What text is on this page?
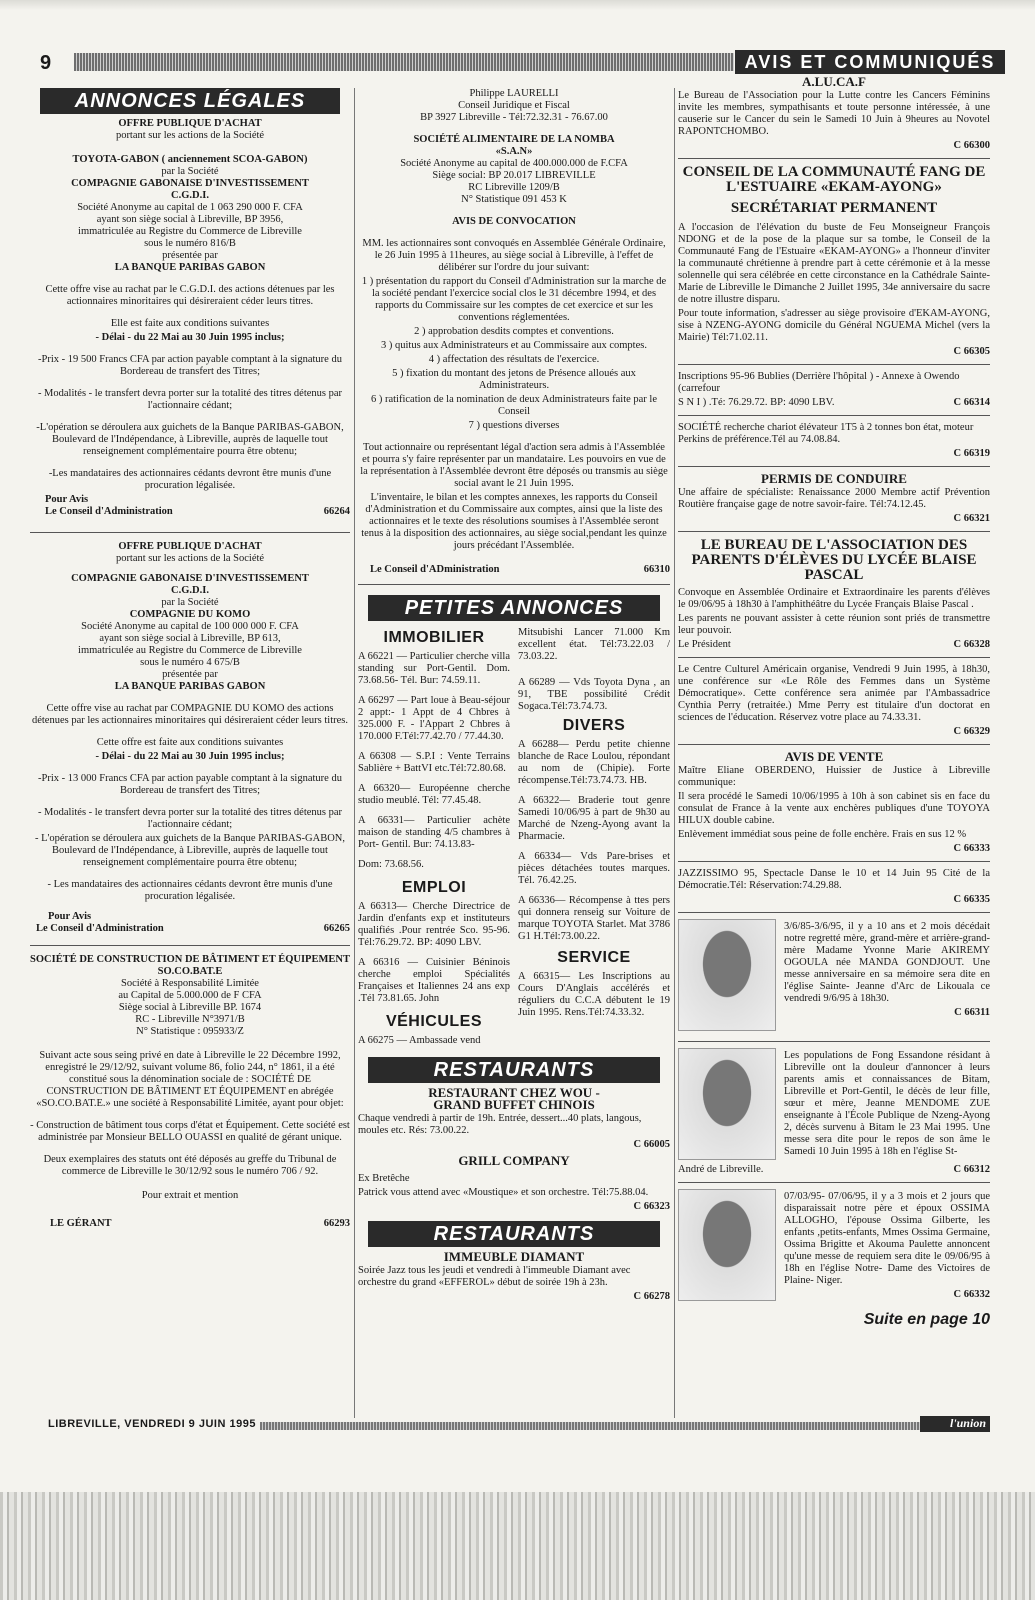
9	AVIS ET COMMUNIQUÉS
ANNONCES LÉGALES
OFFRE PUBLIQUE D'ACHAT
portant sur les actions de la Société
TOYOTA-GABON ( anciennement SCOA-GABON)
par la Société
COMPAGNIE GABONAISE D'INVESTISSEMENT
C.G.D.I.
Société Anonyme au capital de 1 063 290 000 F. CFA
ayant son siège social à Libreville, BP 3956,
immatriculée au Registre du Commerce de Libreville
sous le numéro 816/B
présentée par
LA BANQUE PARIBAS GABON

Cette offre vise au rachat par le C.G.D.I. des actions détenues par les actionnaires minoritaires qui désireraient céder leurs titres.

Elle est faite aux conditions suivantes

- Délai - du 22 Mai au 30 Juin 1995 inclus;

-Prix - 19 500 Francs CFA par action payable comptant à la signature du Bordereau de transfert des Titres;

- Modalités - le transfert devra porter sur la totalité des titres détenus par l'actionnaire cédant;

-L'opération se déroulera aux guichets de la Banque PARIBAS-GABON, Boulevard de l'Indépendance, à Libreville, auprès de laquelle tout renseignement complémentaire pourra être obtenu;

-Les mandataires des actionnaires cédants devront être munis d'une procuration légalisée.

Pour Avis
Le Conseil d'Administration	66264
OFFRE PUBLIQUE D'ACHAT
portant sur les actions de la Société
COMPAGNIE GABONAISE D'INVESTISSEMENT
C.G.D.I.
par la Société
COMPAGNIE DU KOMO
Société Anonyme au capital de 100 000 000 F. CFA
ayant son siège social à Libreville, BP 613,
immatriculée au Registre du Commerce de Libreville
sous le numéro 4 675/B
présentée par
LA BANQUE PARIBAS GABON

Cette offre vise au rachat par COMPAGNIE DU KOMO des actions détenues par les actionnaires minoritaires qui désireraient céder leurs titres.

Cette offre est faite aux conditions suivantes

- Délai - du 22 Mai au 30 Juin 1995 inclus;

-Prix - 13 000 Francs CFA par action payable comptant à la signature du Bordereau de transfert des Titres;

- Modalités - le transfert devra porter sur la totalité des titres détenus par l'actionnaire cédant;

- L'opération se déroulera aux guichets de la Banque PARIBAS-GABON, Boulevard de l'Indépendance, à Libreville, auprès de laquelle tout renseignement complémentaire pourra être obtenu;

- Les mandataires des actionnaires cédants devront être munis d'une procuration légalisée.

Pour Avis
Le Conseil d'Administration	66265
SOCIÉTÉ DE CONSTRUCTION DE BÂTIMENT ET ÉQUIPEMENT
SO.CO.BAT.E
Société à Responsabilité Limitée
au Capital de 5.000.000 de F CFA
Siège social à Libreville BP. 1674
RC - Libreville N°3971/B
N° Statistique : 095933/Z

Suivant acte sous seing privé en date à Libreville le 22 Décembre 1992, enregistré le 29/12/92, suivant volume 86, folio 244, n° 1861, il a été constitué sous la dénomination sociale de : SOCIÉTÉ DE CONSTRUCTION DE BÂTIMENT ET ÉQUIPEMENT en abrégée «SO.CO.BAT.E.» une société à Responsabilité Limitée, ayant pour objet:

- Construction de bâtiment tous corps d'état et Équipement. Cette société est administrée par Monsieur BELLO OUASSI en qualité de gérant unique.

Deux exemplaires des statuts ont été déposés au greffe du Tribunal de commerce de Libreville le 30/12/92 sous le numéro 706 / 92.

Pour extrait et mention

LE GÉRANT	66293
Philippe LAURELLI
Conseil Juridique et Fiscal
BP 3927 Libreville - Tél:72.32.31 - 76.67.00
SOCIÉTÉ ALIMENTAIRE DE LA NOMBA
«S.A.N»
Société Anonyme au capital de 400.000.000 de F.CFA
Siège social: BP 20.017 LIBREVILLE
RC Libreville 1209/B
N° Statistique 091 453 K
AVIS DE CONVOCATION

MM. les actionnaires sont convoqués en Assemblée Générale Ordinaire, le 26 Juin 1995 à 11heures, au siège social à Libreville, à l'effet de délibérer sur l'ordre du jour suivant:

1 ) présentation du rapport du Conseil d'Administration sur la marche de la société pendant l'exercice social clos le 31 décembre 1994, et des rapports du Commissaire sur les comptes de cet exercice et sur les conventions réglementées.

2 ) approbation desdits comptes et conventions.

3 ) quitus aux Administrateurs et au Commissaire aux comptes.

4 ) affectation des résultats de l'exercice.

5 ) fixation du montant des jetons de Présence alloués aux Administrateurs.

6 ) ratification de la nomination de deux Administrateurs faite par le Conseil

7 ) questions diverses

Tout actionnaire ou représentant légal d'action sera admis à l'Assemblée et pourra s'y faire représenter par un mandataire. Les pouvoirs en vue de la représentation à l'Assemblée devront être déposés ou transmis au siège social avant le 21 Juin 1995.

L'inventaire, le bilan et les comptes annexes, les rapports du Conseil d'Administration et du Commissaire aux comptes, ainsi que la liste des actionnaires et le texte des résolutions soumises à l'Assemblée seront tenus à la disposition des actionnaires, au siège social,pendant les quinze jours précédant l'Assemblée.

Le Conseil d'ADministration	66310
PETITES ANNONCES
IMMOBILIER

A 66221 — Particulier cherche villa standing sur Port-Gentil. Dom. 73.68.56- Tél. Bur: 74.59.11.

A 66297 — Part loue à Beau-séjour 2 appt:- 1 Appt de 4 Chbres à 325.000 F. - l'Appart 2 Chbres à 170.000 F.Tél:77.42.70 / 77.44.30.

A 66308 — S.P.I : Vente Terrains Sablière + BattVI etc.Tél:72.80.68.

A 66320— Européenne cherche studio meublé. Tél: 77.45.48.

A 66331— Particulier achète maison de standing 4/5 chambres à Port- Gentil. Bur: 74.13.83-

Dom: 73.68.56.

EMPLOI

A 66313— Cherche Directrice de Jardin d'enfants exp et instituteurs qualifiés .Pour rentrée Sco. 95-96. Tél:76.29.72. BP: 4090 LBV.

A 66316 — Cuisinier Béninois cherche emploi Spécialités Françaises et Italiennes 24 ans exp .Tél 73.81.65. John

VÉHICULES

A 66275 — Ambassade vend

Mitsubishi Lancer 71.000 Km excellent état. Tél:73.22.03 / 73.03.22.

A 66289 — Vds Toyota Dyna , an 91, TBE possibilité Crédit Sogaca.Tél:73.74.73.

DIVERS

A 66288— Perdu petite chienne blanche de Race Loulou, répondant au nom de (Chipie). Forte récompense.Tél:73.74.73. HB.

A 66322— Braderie tout genre Samedi 10/06/95 à part de 9h30 au Marché de Nzeng-Ayong avant la Pharmacie.

A 66334— Vds Pare-brises et pièces détachées toutes marques. Tél. 76.42.25.

A 66336— Récompense à ttes pers qui donnera renseig sur Voiture de marque TOYOTA Starlet. Mat 3786 G1 H.Tél:73.00.22.

SERVICE

A 66315— Les Inscriptions au Cours D'Anglais accélérés et réguliers du C.C.A débutent le 19 Juin 1995. Rens.Tél:74.33.32.

RESTAURANTS
RESTAURANT CHEZ WOU -
GRAND BUFFET CHINOIS

Chaque vendredi à partir de 19h. Entrée, dessert...40 plats, langous, moules etc. Rés: 73.00.22.

C 66005
GRILL COMPANY

Ex Bretêche

Patrick vous attend avec «Moustique» et son orchestre. Tél:75.88.04.

C 66323
RESTAURANTS
IMMEUBLE DIAMANT

Soirée Jazz tous les jeudi et vendredi à l'immeuble Diamant avec orchestre du grand «EFFEROL» début de soirée 19h à 23h.

C 66278
A.LU.CA.F

Le Bureau de l'Association pour la Lutte contre les Cancers Féminins invite les membres, sympathisants et toute personne intéressée, à une causerie sur le Cancer du sein le Samedi 10 Juin à 9heures au Novotel RAPONTCHOMBO.

C 66300
CONSEIL DE LA COMMUNAUTÉ FANG DE L'ESTUAIRE «EKAM-AYONG»
SECRÉTARIAT PERMANENT

A l'occasion de l'élévation du buste de Feu Monseigneur François NDONG et de la pose de la plaque sur sa tombe, le Conseil de la Communauté Fang de l'Estuaire «EKAM-AYONG» a l'honneur d'inviter la communauté chrétienne à prendre part à cette cérémonie et à la messe solennelle qui sera célébrée en cette circonstance en la Cathédrale Sainte-Marie de Libreville le Dimanche 2 Juillet 1995, 34e anniversaire du sacre de notre illustre disparu.

Pour toute information, s'adresser au siège provisoire d'EKAM-AYONG, sise à NZENG-AYONG domicile du Général NGUEMA Michel (vers la Mairie) Tél:71.02.11.

C 66305

Inscriptions 95-96 Bublies (Derrière l'hôpital ) - Annexe à Owendo (carrefour

S N I ) .Té: 76.29.72. BP: 4090 LBV.	C 66314

SOCIÉTÉ recherche chariot élévateur 1T5 à 2 tonnes bon état, moteur Perkins de préférence.Tél au 74.08.84.

C 66319
PERMIS DE CONDUIRE

Une affaire de spécialiste: Renaissance 2000 Membre actif Prévention Routière française gage de notre savoir-faire. Tél:74.12.45.

C 66321
LE BUREAU DE L'ASSOCIATION DES PARENTS D'ÉLÈVES DU LYCÉE BLAISE PASCAL

Convoque en Assemblée Ordinaire et Extraordinaire les parents d'élèves le 09/06/95 à 18h30 à l'amphithéâtre du Lycée Français Blaise Pascal .

Les parents ne pouvant assister à cette réunion sont priés de transmettre leur pouvoir.

Le Président	C 66328

Le Centre Culturel Américain organise, Vendredi 9 Juin 1995, à 18h30, une conférence sur «Le Rôle des Femmes dans un Système Démocratique». Cette conférence sera animée par l'Ambassadrice Cynthia Perry (retraitée.) Mme Perry est titulaire d'un doctorat en sciences de l'éducation. Réservez votre place au 74.33.31.

C 66329
AVIS DE VENTE

Maître Eliane OBERDENO, Huissier de Justice à Libreville communique:

Il sera procédé le Samedi 10/06/1995 à 10h à son cabinet sis en face du consulat de France à la vente aux enchères publiques d'une TOYOYA HILUX double cabine.

Enlèvement immédiat sous peine de folle enchère. Frais en sus 12 %

C 66333

JAZZISSIMO 95, Spectacle Danse le 10 et 14 Juin 95 Cité de la Démocratie.Tél: Réservation:74.29.88.

C 66335

3/6/85-3/6/95, il y a 10 ans et 2 mois décédait notre regretté mère, grand-mère et arrière-grand-mère Madame Yvonne Marie AKIREMY OGOULA née MANDA GONDJOUT. Une messe anniversaire en sa mémoire sera dite en l'église Sainte- Jeanne d'Arc de Likouala ce vendredi 9/6/95 à 18h30.

C 66311

Les populations de Fong Essandone résidant à Libreville ont la douleur d'annoncer à leurs parents amis et connaissances de Bitam, Libreville et Port-Gentil, le décès de leur fille, sœur et mère, Jeanne MENDOME ZUE enseignante à l'École Publique de Nzeng-Ayong 2, décès survenu à Bitam le 23 Mai 1995. Une messe sera dite pour le repos de son âme le Samedi 10 Juin 1995 à 18h en l'église St-

André de Libreville.	C 66312

07/03/95- 07/06/95, il y a 3 mois et 2 jours que disparaissait notre père et époux OSSIMA ALLOGHO, l'épouse Ossima Gilberte, les enfants ,petits-enfants, Mmes Ossima Germaine, Ossima Brigitte et Akouma Paulette annoncent qu'une messe de requiem sera dite le 09/06/95 à 18h en l'église Notre- Dame des Victoires de Plaine- Niger.

C 66332
Suite en page 10
LIBREVILLE, VENDREDI 9 JUIN 1995	l'union
